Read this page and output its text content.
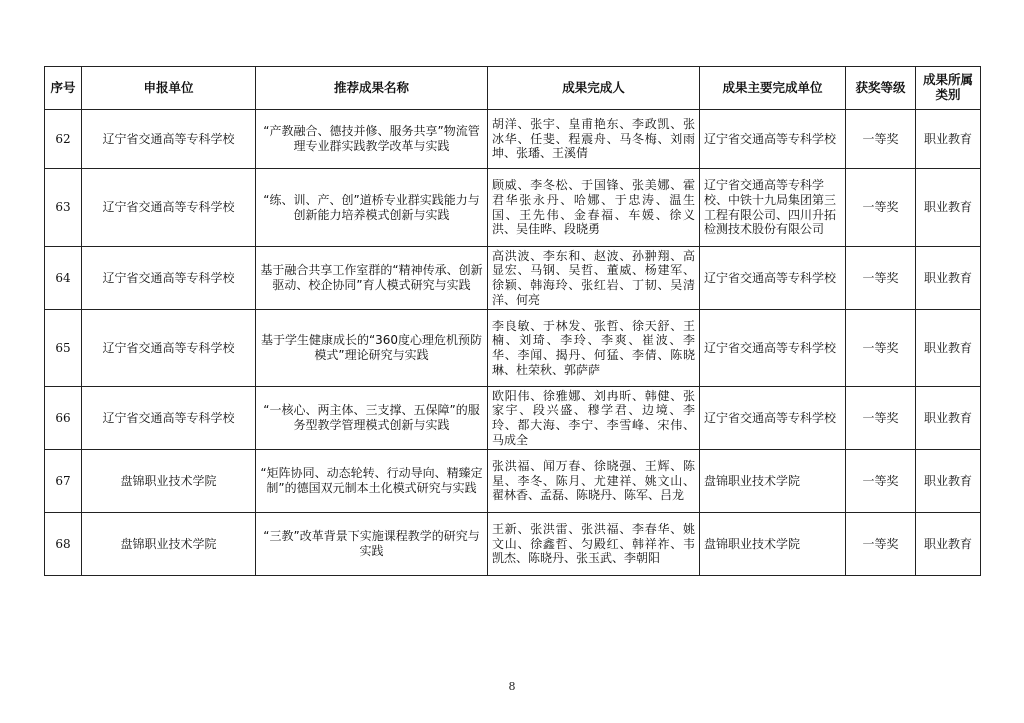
序号	申报单位	推荐成果名称	成果完成人	成果主要完成单位	获奖等级	成果所属类别
62	辽宁省交通高等专科学校	“产教融合、德技并修、服务共享”物流管理专业群实践教学改革与实践	胡洋、张宇、皇甫艳东、李政凯、张冰华、任斐、程震舟、马冬梅、刘雨坤、张璠、王溪倩	辽宁省交通高等专科学校	一等奖	职业教育
63	辽宁省交通高等专科学校	“练、训、产、创”道桥专业群实践能力与创新能力培养模式创新与实践	顾威、李冬松、于国锋、张美娜、霍君华张永丹、哈娜、于忠涛、温生国、王先伟、金春福、车媛、徐义洪、吴佳晔、段晓勇	辽宁省交通高等专科学校、中铁十九局集团第三工程有限公司、四川升拓检测技术股份有限公司	一等奖	职业教育
64	辽宁省交通高等专科学校	基于融合共享工作室群的“精神传承、创新驱动、校企协同”育人模式研究与实践	高洪波、李东和、赵波、孙翀翔、高显宏、马钢、吴哲、董威、杨建军、徐颖、韩海玲、张红岩、丁韧、吴清洋、何亮	辽宁省交通高等专科学校	一等奖	职业教育
65	辽宁省交通高等专科学校	基于学生健康成长的“360度心理危机预防模式”理论研究与实践	李良敏、于林发、张哲、徐天舒、王楠、刘琦、李玲、李爽、崔波、李华、李闻、揭丹、何猛、李倩、陈晓琳、杜荣秋、郭萨萨	辽宁省交通高等专科学校	一等奖	职业教育
66	辽宁省交通高等专科学校	“一核心、两主体、三支撑、五保障”的服务型教学管理模式创新与实践	欧阳伟、徐雅娜、刘冉昕、韩健、张家宇、段兴盛、穆学君、边境、李玲、都大海、李宁、李雪峰、宋伟、马成全	辽宁省交通高等专科学校	一等奖	职业教育
67	盘锦职业技术学院	“矩阵协同、动态轮转、行动导向、精臻定制”的德国双元制本土化模式研究与实践	张洪福、闻万春、徐晓强、王辉、陈星、李冬、陈月、尤建祥、姚文山、翟林香、孟磊、陈晓丹、陈军、吕龙	盘锦职业技术学院	一等奖	职业教育
68	盘锦职业技术学院	“三教”改革背景下实施课程教学的研究与实践	王新、张洪雷、张洪福、李春华、姚文山、徐鑫哲、匀殿红、韩祥祚、韦凯杰、陈晓丹、张玉武、李朝阳	盘锦职业技术学院	一等奖	职业教育
8
